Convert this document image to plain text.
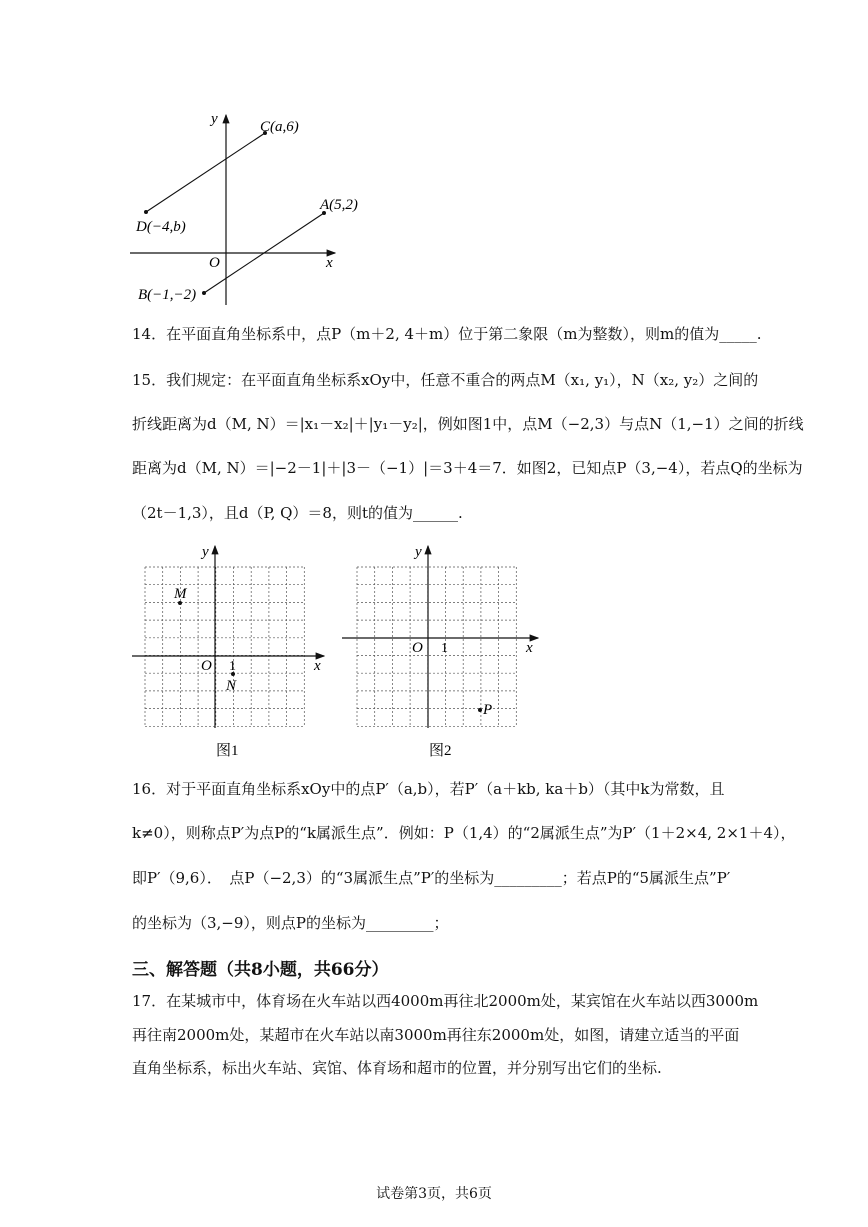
y
x
O
C(a,6)
D(−4,b)
A(5,2)
B(−1,−2)
14．在平面直角坐标系中，点P（m＋2, 4＋m）位于第二象限（m为整数），则m的值为_____.
15．我们规定：在平面直角坐标系xOy中，任意不重合的两点M（x₁, y₁），N（x₂, y₂）之间的
折线距离为d（M, N）＝|x₁－x₂|＋|y₁－y₂|，例如图1中，点M（−2,3）与点N（1,−1）之间的折线
距离为d（M, N）＝|−2－1|＋|3－（−1）|＝3＋4＝7．如图2，已知点P（3,−4），若点Q的坐标为
（2t－1,3），且d（P, Q）＝8，则t的值为______.
y
x
O 1
M
N
图1
y
x
O 1
P
图2
16．对于平面直角坐标系xOy中的点P′（a,b），若P′（a＋kb, ka＋b）（其中k为常数，且
k≠0），则称点P′为点P的“k属派生点”．例如：P（1,4）的“2属派生点”为P′（1＋2×4, 2×1＋4），
即P′（9,6）．　点P（−2,3）的“3属派生点”P′的坐标为_________；若点P的“5属派生点”P′
的坐标为（3,−9），则点P的坐标为_________；
三、解答题（共8小题，共66分）
17．在某城市中，体育场在火车站以西4000m再往北2000m处，某宾馆在火车站以西3000m
再往南2000m处，某超市在火车站以南3000m再往东2000m处，如图，请建立适当的平面
直角坐标系，标出火车站、宾馆、体育场和超市的位置，并分别写出它们的坐标.
试卷第3页，共6页
